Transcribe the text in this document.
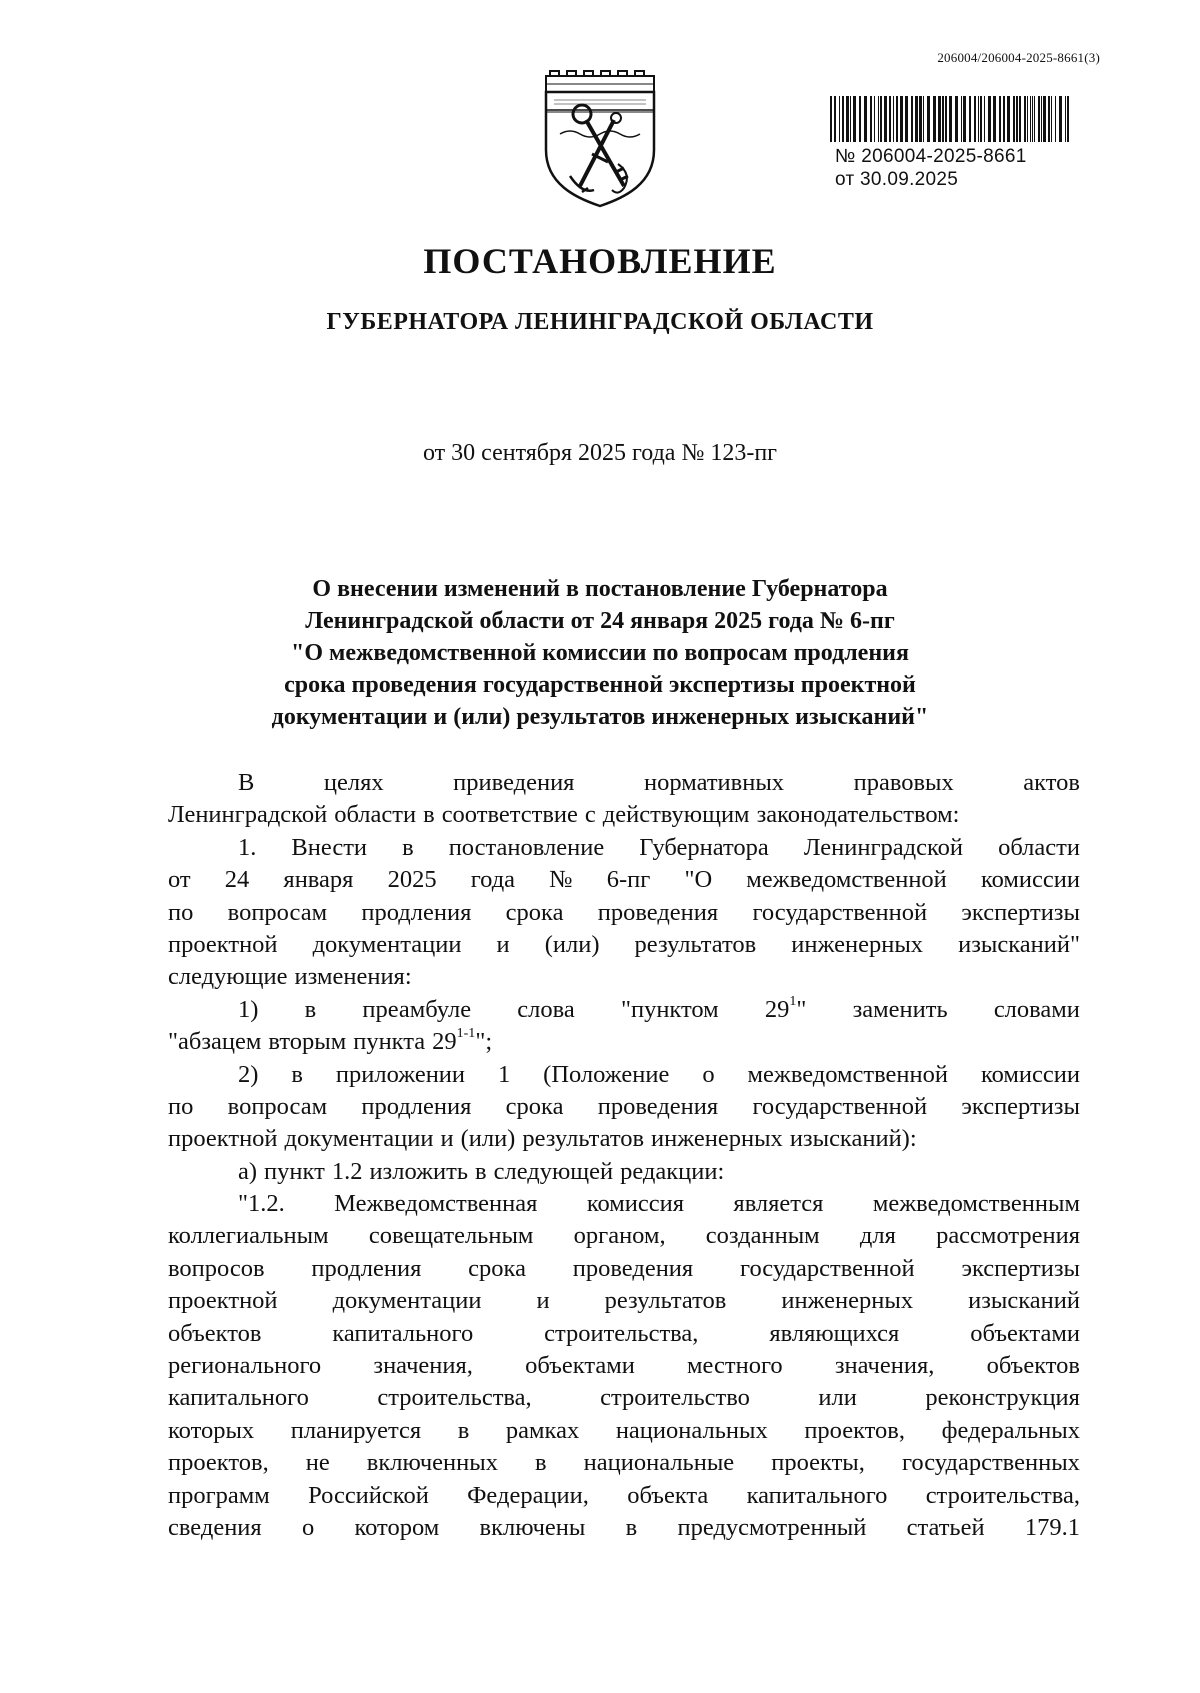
206004/206004-2025-8661(3)
№ 206004-2025-8661
от 30.09.2025
ПОСТАНОВЛЕНИЕ
ГУБЕРНАТОРА ЛЕНИНГРАДСКОЙ ОБЛАСТИ
от 30 сентября 2025 года № 123-пг
О внесении изменений в постановление Губернатора
Ленинградской области от 24 января 2025 года № 6-пг
"О межведомственной комиссии по вопросам продления
срока проведения государственной экспертизы проектной
документации и (или) результатов инженерных изысканий"
В	целях	приведения	нормативных	правовых	актов
Ленинградской области в соответствие с действующим законодательством:
1. Внести в постановление Губернатора Ленинградской области
от 24 января 2025 года № 6-пг "О межведомственной комиссии
по вопросам продления срока проведения государственной экспертизы
проектной документации и (или) результатов инженерных изысканий"
следующие изменения:
1) в преамбуле слова "пунктом $29^1$" заменить словами
"абзацем вторым пункта 29$^{1-1}$";
2) в приложении 1 (Положение о межведомственной комиссии
по вопросам продления срока проведения государственной экспертизы
проектной документации и (или) результатов инженерных изысканий):
а) пункт 1.2 изложить в следующей редакции:
"1.2. Межведомственная комиссия является межведомственным
коллегиальным совещательным органом, созданным для рассмотрения
вопросов продления срока проведения государственной экспертизы
проектной документации и результатов инженерных изысканий
объектов	капитального	строительства,	являющихся	объектами
регионального значения, объектами местного значения, объектов
капитального	строительства,	строительство	или	реконструкция
которых планируется в рамках национальных проектов, федеральных
проектов, не включенных в национальные проекты, государственных
программ Российской Федерации, объекта капитального строительства,
сведения о котором включены в предусмотренный статьей 179.1
